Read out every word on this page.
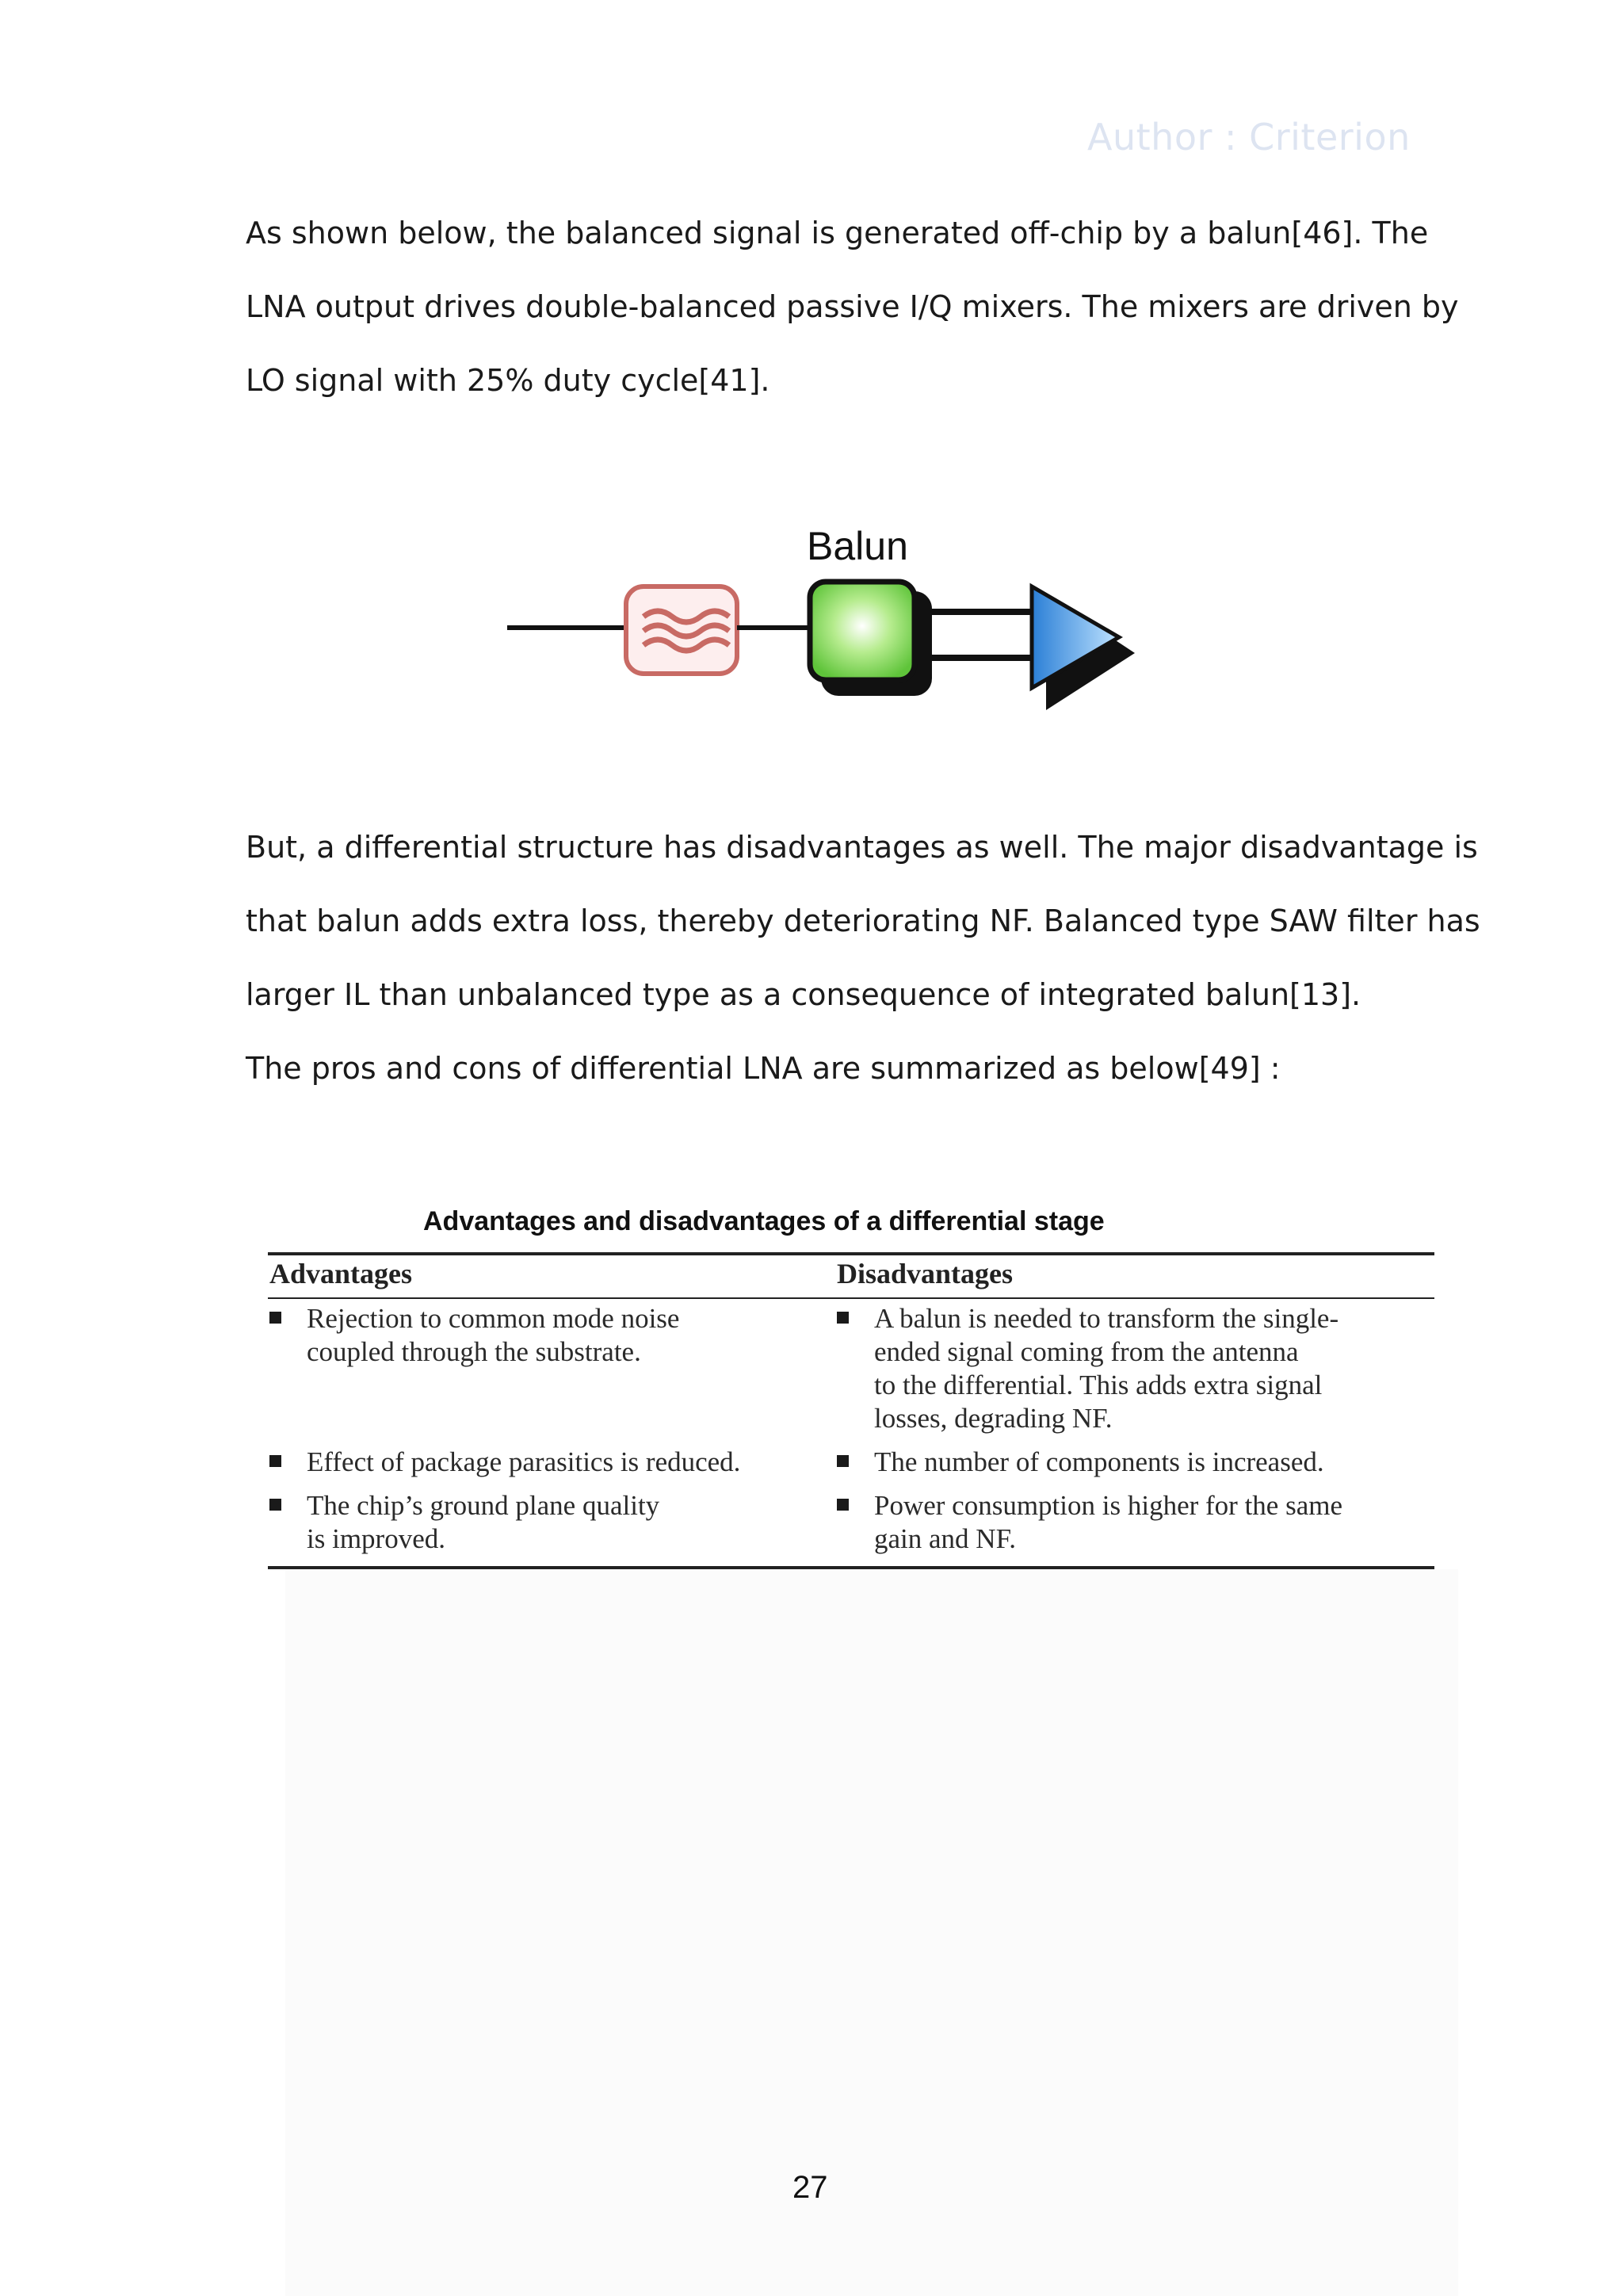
Author : Criterion
As shown below, the balanced signal is generated off-chip by a balun[46]. The
LNA output drives double-balanced passive I/Q mixers. The mixers are driven by
LO signal with 25% duty cycle[41].
Balun
But, a differential structure has disadvantages as well. The major disadvantage is
that balun adds extra loss, thereby deteriorating NF. Balanced type SAW filter has
larger IL than unbalanced type as a consequence of integrated balun[13].
The pros and cons of differential LNA are summarized as below[49] :
Advantages and disadvantages of a differential stage
Advantages	Disadvantages
Rejection to common mode noise
coupled through the substrate.
A balun is needed to transform the single-
ended signal coming from the antenna
to the differential. This adds extra signal
losses, degrading NF.
Effect of package parasitics is reduced.	The number of components is increased.
The chip’s ground plane quality
is improved.
Power consumption is higher for the same
gain and NF.
27
